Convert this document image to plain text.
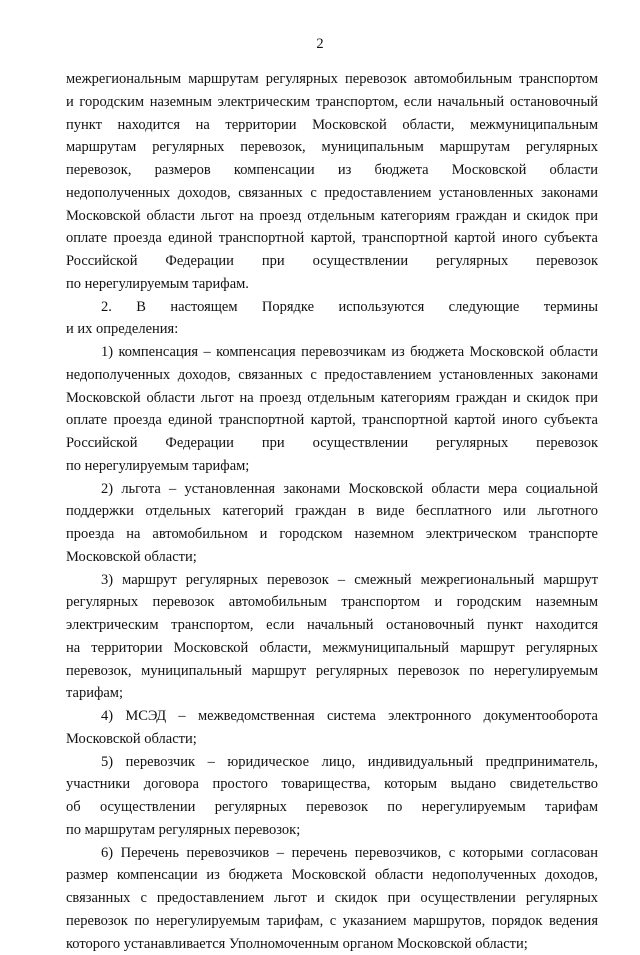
2
межрегиональным маршрутам регулярных перевозок автомобильным транспортом
и городским наземным электрическим транспортом, если начальный остановочный
пункт находится на территории Московской области, межмуниципальным
маршрутам регулярных перевозок, муниципальным маршрутам регулярных
перевозок, размеров компенсации из бюджета Московской области
недополученных доходов, связанных с предоставлением установленных законами
Московской области льгот на проезд отдельным категориям граждан и скидок при
оплате проезда единой транспортной картой, транспортной картой иного субъекта
Российской Федерации при осуществлении регулярных перевозок
по нерегулируемым тарифам.
2. В настоящем Порядке используются следующие термины
и их определения:
1) компенсация – компенсация перевозчикам из бюджета Московской области
недополученных доходов, связанных с предоставлением установленных законами
Московской области льгот на проезд отдельным категориям граждан и скидок при
оплате проезда единой транспортной картой, транспортной картой иного субъекта
Российской Федерации при осуществлении регулярных перевозок
по нерегулируемым тарифам;
2) льгота – установленная законами Московской области мера социальной
поддержки отдельных категорий граждан в виде бесплатного или льготного
проезда на автомобильном и городском наземном электрическом транспорте
Московской области;
3) маршрут регулярных перевозок – смежный межрегиональный маршрут
регулярных перевозок автомобильным транспортом и городским наземным
электрическим транспортом, если начальный остановочный пункт находится
на территории Московской области, межмуниципальный маршрут регулярных
перевозок, муниципальный маршрут регулярных перевозок по нерегулируемым
тарифам;
4) МСЭД – межведомственная система электронного документооборота
Московской области;
5) перевозчик – юридическое лицо, индивидуальный предприниматель,
участники договора простого товарищества, которым выдано свидетельство
об осуществлении регулярных перевозок по нерегулируемым тарифам
по маршрутам регулярных перевозок;
6) Перечень перевозчиков – перечень перевозчиков, с которыми согласован
размер компенсации из бюджета Московской области недополученных доходов,
связанных с предоставлением льгот и скидок при осуществлении регулярных
перевозок по нерегулируемым тарифам, с указанием маршрутов, порядок ведения
которого устанавливается Уполномоченным органом Московской области;
